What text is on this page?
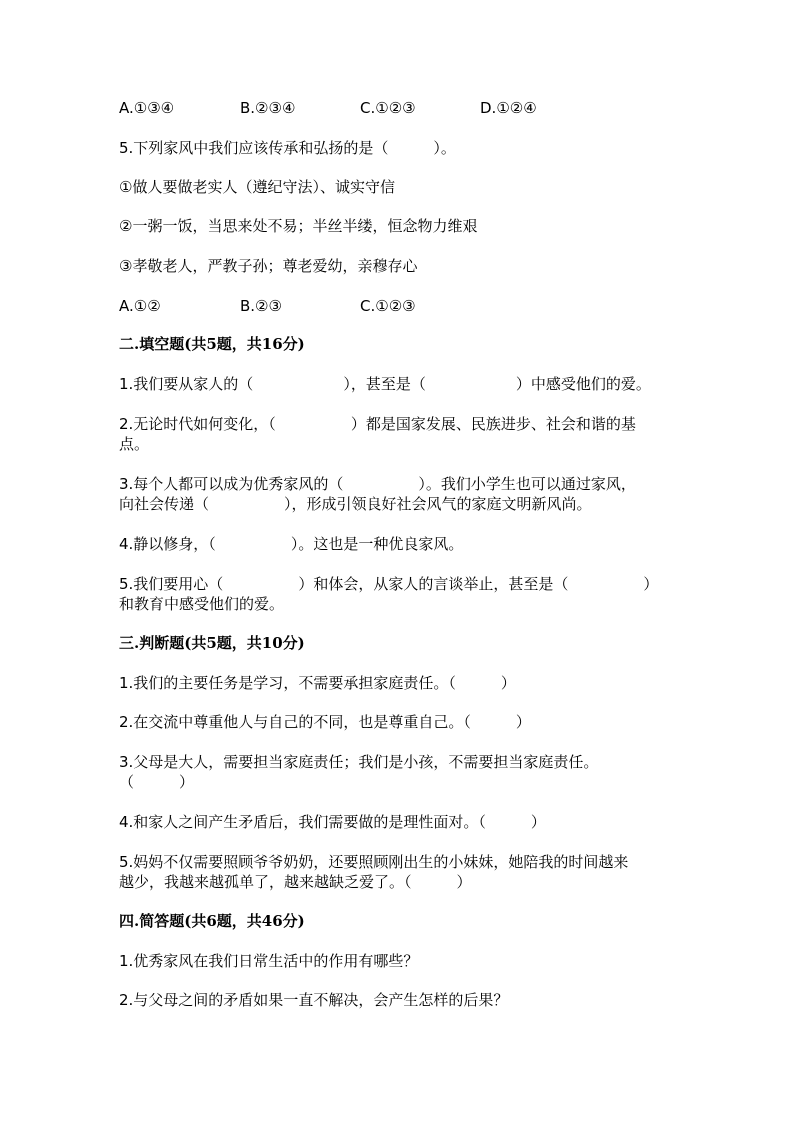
A.①③④	B.②③④	C.①②③	D.①②④
5.下列家风中我们应该传承和弘扬的是（　　　）。
①做人要做老实人（遵纪守法）、诚实守信
②一粥一饭，当思来处不易；半丝半缕，恒念物力维艰
③孝敬老人，严教子孙；尊老爱幼，亲穆存心
A.①②	B.②③	C.①②③
二.填空题(共5题，共16分)
1.我们要从家人的（　　　　　　），甚至是（　　　　　　）中感受他们的爱。
2.无论时代如何变化，（　　　　　）都是国家发展、民族进步、社会和谐的基
点。
3.每个人都可以成为优秀家风的（　　　　　）。我们小学生也可以通过家风，
向社会传递（　　　　　），形成引领良好社会风气的家庭文明新风尚。
4.静以修身，（　　　　　）。这也是一种优良家风。
5.我们要用心（　　　　　）和体会，从家人的言谈举止，甚至是（　　　　　）
和教育中感受他们的爱。
三.判断题(共5题，共10分)
1.我们的主要任务是学习，不需要承担家庭责任。（　　　）
2.在交流中尊重他人与自己的不同，也是尊重自己。（　　　）
3.父母是大人，需要担当家庭责任；我们是小孩，不需要担当家庭责任。
（　　　）
4.和家人之间产生矛盾后，我们需要做的是理性面对。（　　　）
5.妈妈不仅需要照顾爷爷奶奶，还要照顾刚出生的小妹妹，她陪我的时间越来
越少，我越来越孤单了，越来越缺乏爱了。（　　　）
四.简答题(共6题，共46分)
1.优秀家风在我们日常生活中的作用有哪些？
2.与父母之间的矛盾如果一直不解决，会产生怎样的后果？
